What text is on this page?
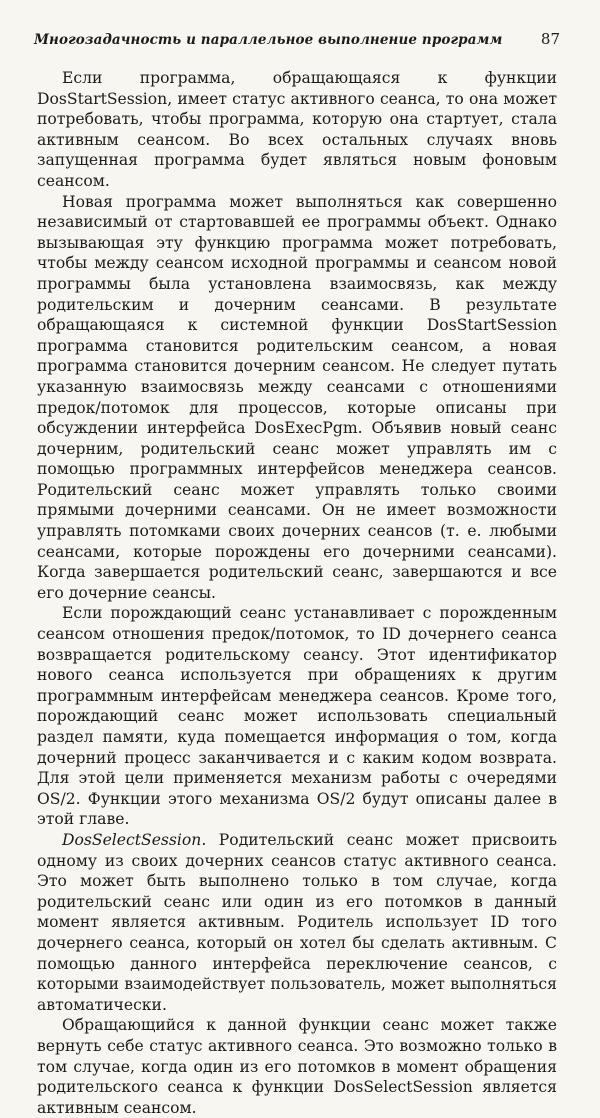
Многозадачность и параллельное выполнение программ	87

Если программа, обращающаяся к функции DosStartSession, имеет статус активного сеанса, то она может потребовать, чтобы программа, которую она стартует, стала активным сеансом. Во всех остальных случаях вновь запущенная программа будет являться новым фоновым сеансом.

Новая программа может выполняться как совершенно независимый от стартовавшей ее программы объект. Однако вызывающая эту функцию программа может потребовать, чтобы между сеансом исходной программы и сеансом новой программы была установлена взаимосвязь, как между родительским и дочерним сеансами. В результате обращающаяся к системной функции DosStartSession программа становится родительским сеансом, а новая программа становится дочерним сеансом. Не следует путать указанную взаимосвязь между сеансами с отношениями предок/потомок для процессов, которые описаны при обсуждении интерфейса DosExecPgm. Объявив новый сеанс дочерним, родительский сеанс может управлять им с помощью программных интерфейсов менеджера сеансов. Родительский сеанс может управлять только своими прямыми дочерними сеансами. Он не имеет возможности управлять потомками своих дочерних сеансов (т. е. любыми сеансами, которые порождены его дочерними сеансами). Когда завершается родительский сеанс, завершаются и все его дочерние сеансы.

Если порождающий сеанс устанавливает с порожденным сеансом отношения предок/потомок, то ID дочернего сеанса возвращается родительскому сеансу. Этот идентификатор нового сеанса используется при обращениях к другим программным интерфейсам менеджера сеансов. Кроме того, порождающий сеанс может использовать специальный раздел памяти, куда помещается информация о том, когда дочерний процесс заканчивается и с каким кодом возврата. Для этой цели применяется механизм работы с очередями OS/2. Функции этого механизма OS/2 будут описаны далее в этой главе.

DosSelectSession. Родительский сеанс может присвоить одному из своих дочерних сеансов статус активного сеанса. Это может быть выполнено только в том случае, когда родительский сеанс или один из его потомков в данный момент является активным. Родитель использует ID того дочернего сеанса, который он хотел бы сделать активным. С помощью данного интерфейса переключение сеансов, с которыми взаимодействует пользователь, может выполняться автоматически.

Обращающийся к данной функции сеанс может также вернуть себе статус активного сеанса. Это возможно только в том случае, когда один из его потомков в момент обращения родительского сеанса к функции DosSelectSession является активным сеансом.
